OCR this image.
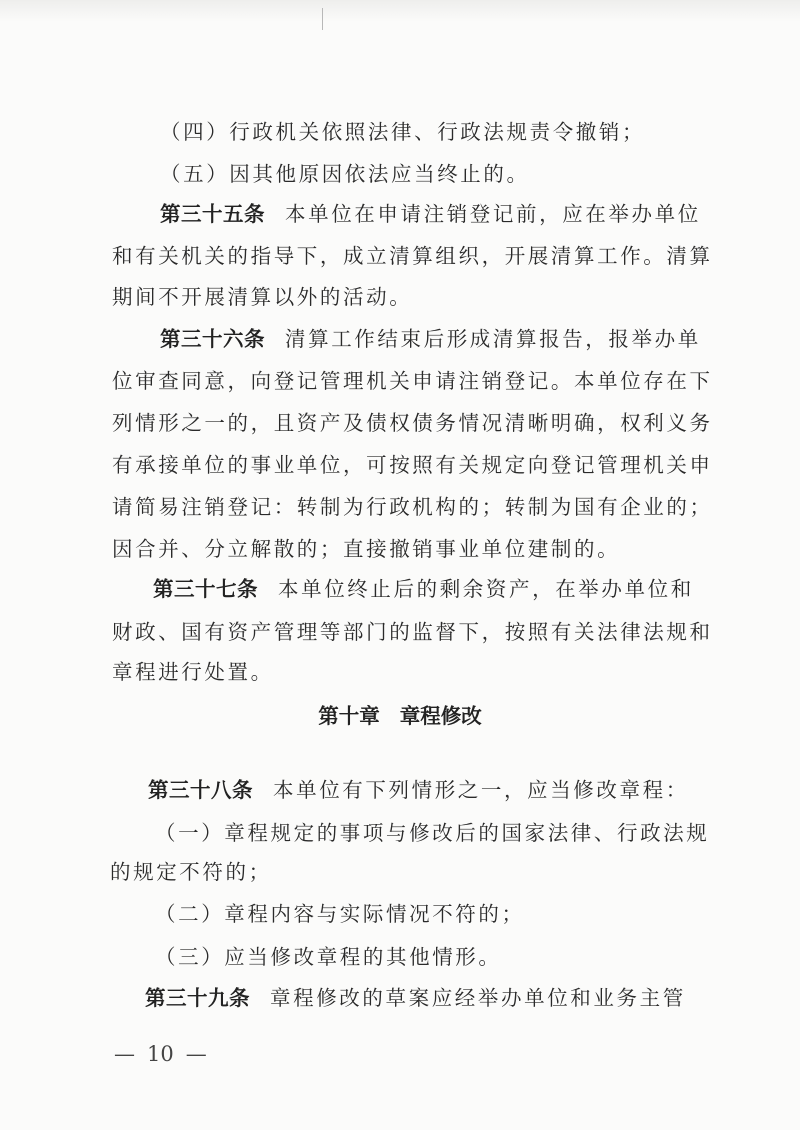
（四）行政机关依照法律、行政法规责令撤销；
（五）因其他原因依法应当终止的。
第三十五条 本单位在申请注销登记前，应在举办单位
和有关机关的指导下，成立清算组织，开展清算工作。清算
期间不开展清算以外的活动。
第三十六条 清算工作结束后形成清算报告，报举办单
位审查同意，向登记管理机关申请注销登记。本单位存在下
列情形之一的，且资产及债权债务情况清晰明确，权利义务
有承接单位的事业单位，可按照有关规定向登记管理机关申
请简易注销登记：转制为行政机构的；转制为国有企业的；
因合并、分立解散的；直接撤销事业单位建制的。
第三十七条 本单位终止后的剩余资产，在举办单位和
财政、国有资产管理等部门的监督下，按照有关法律法规和
章程进行处置。
第十章 章程修改
第三十八条 本单位有下列情形之一，应当修改章程：
（一）章程规定的事项与修改后的国家法律、行政法规
的规定不符的；
（二）章程内容与实际情况不符的；
（三）应当修改章程的其他情形。
第三十九条 章程修改的草案应经举办单位和业务主管
— 10 —
